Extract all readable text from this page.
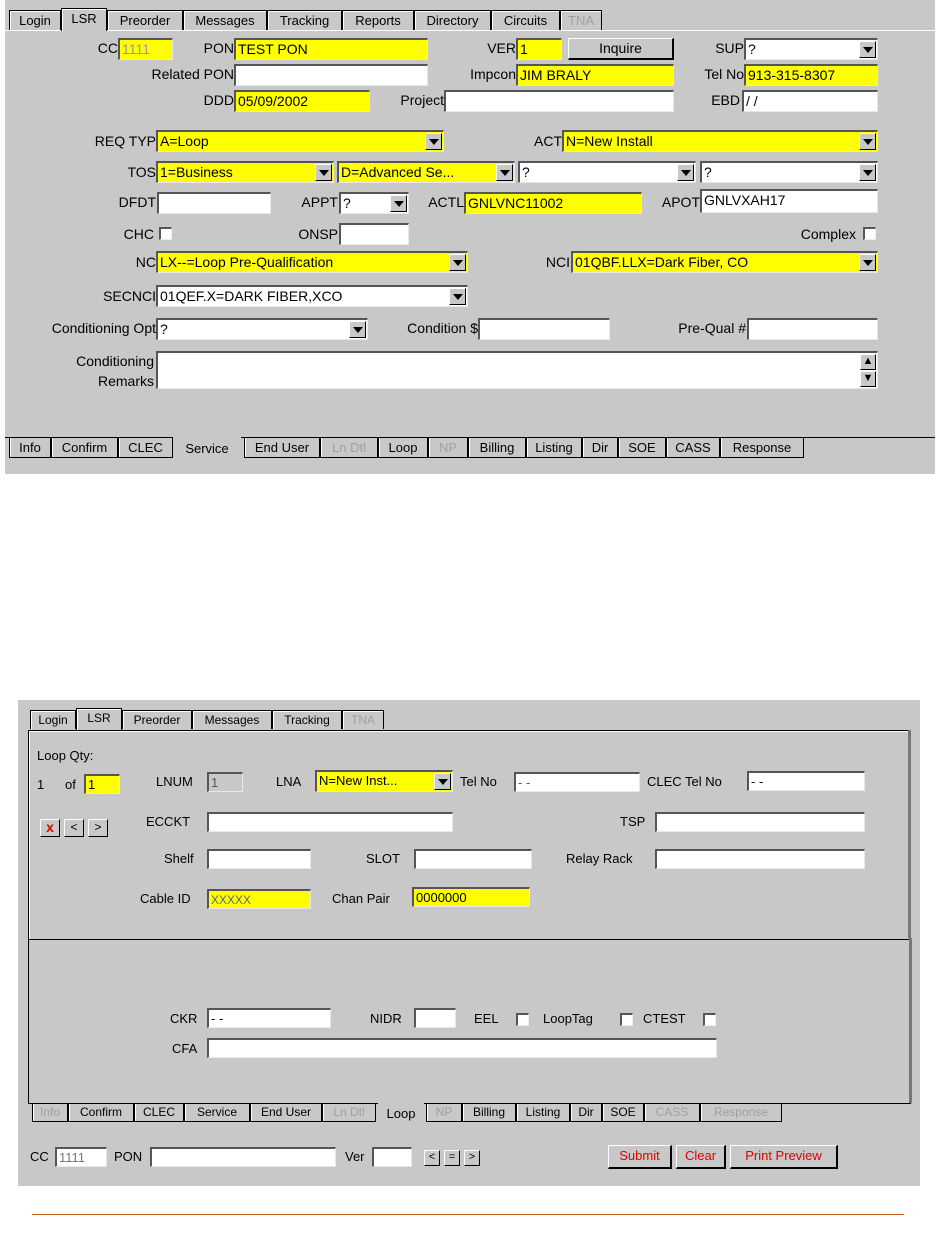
Login	LSR	Preorder	Messages	Tracking	Reports	Directory	Circuits	TNA
CC 1111	PON TEST PON	VER 1	Inquire	SUP ?
Related PON	Impcon JIM BRALY	Tel No 913-315-8307
DDD 05/09/2002	Project	EBD / /
REQ TYP A=Loop	ACT N=New Install
TOS 1=Business	D=Advanced Se...	?	?
DFDT	APPT ?	ACTL GNLVNC11002	APOT GNLVXAH17
CHC	ONSP	Complex
NC LX--=Loop Pre-Qualification	NCI 01QBF.LLX=Dark Fiber, CO
SECNCI 01QEF.X=DARK FIBER,XCO
Conditioning Opt ?	Condition $	Pre-Qual #
Conditioning
Remarks
▲
▼
Info	Confirm	CLEC	Service	End User	Ln Dtl	Loop	NP	Billing	Listing	Dir	SOE	CASS	Response
Login	LSR	Preorder	Messages	Tracking	TNA
Loop Qty:
1 of 1	LNUM	1	LNA	N=New Inst...	Tel No	- -	CLEC Tel No	- -
x	<	>	ECCKT	TSP
Shelf	SLOT	Relay Rack
Cable ID	XXXXX	Chan Pair	0000000
CKR	- -	NIDR	EEL	LoopTag	CTEST
CFA
Info	Confirm	CLEC	Service	End User	Ln Dtl	Loop	NP	Billing	Listing	Dir	SOE	CASS	Response
CC 1111	PON	Ver	<	=	>	Submit	Clear	Print Preview
